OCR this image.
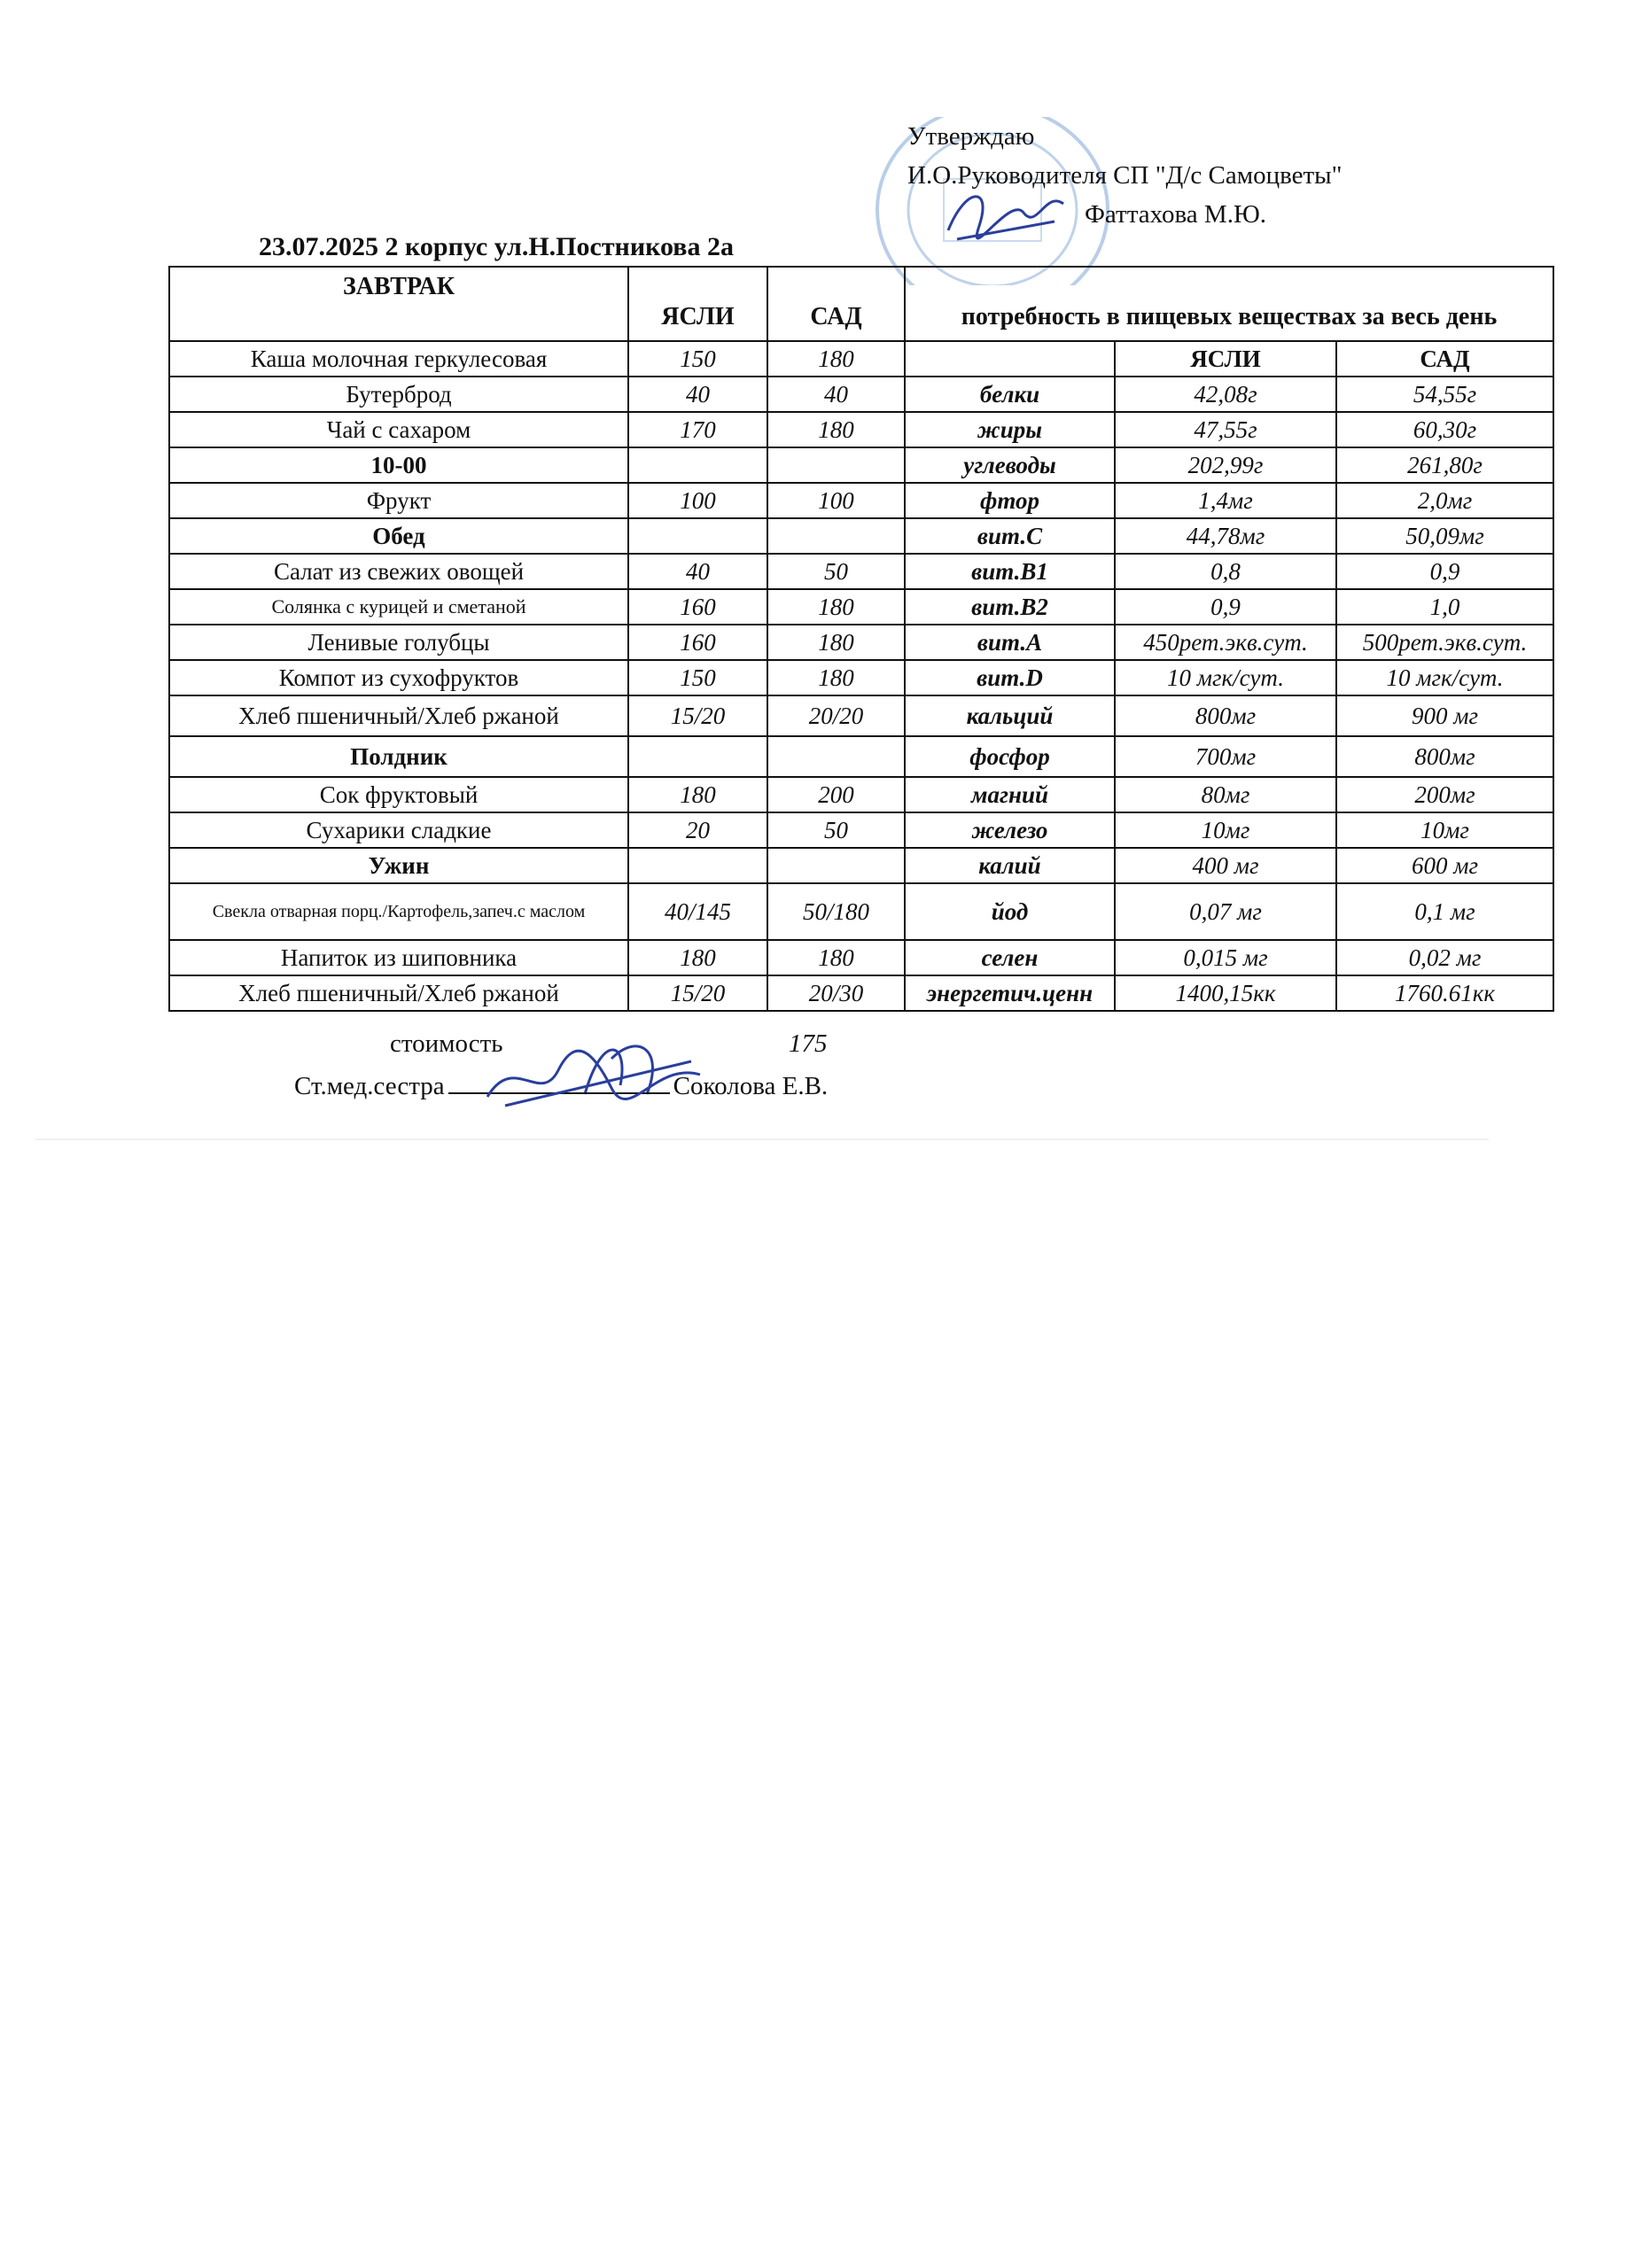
Утверждаю
И.О.Руководителя СП "Д/с Самоцветы"
Фаттахова М.Ю.
23.07.2025 2 корпус ул.Н.Постникова 2а
ЗАВТРАК	ЯСЛИ	САД	потребность в пищевых веществах за весь день		
Каша молочная геркулесовая	150	180		ЯСЛИ	САД
Бутерброд	40	40	белки	42,08г	54,55г
Чай с сахаром	170	180	жиры	47,55г	60,30г
10-00			углеводы	202,99г	261,80г
Фрукт	100	100	фтор	1,4мг	2,0мг
Обед			вит.С	44,78мг	50,09мг
Салат из свежих овощей	40	50	вит.В1	0,8	0,9
Солянка с курицей и сметаной	160	180	вит.В2	0,9	1,0
Ленивые голубцы	160	180	вит.А	450рет.экв.сут.	500рет.экв.сут.
Компот из сухофруктов	150	180	вит.D	10 мгк/сут.	10 мгк/сут.
Хлеб пшеничный/Хлеб ржаной	15/20	20/20	кальций	800мг	900 мг
Полдник			фосфор	700мг	800мг
Сок фруктовый	180	200	магний	80мг	200мг
Сухарики сладкие	20	50	железо	10мг	10мг
Ужин			калий	400 мг	600 мг
Свекла отварная порц./Картофель,запеч.с маслом	40/145	50/180	йод	0,07 мг	0,1 мг
Напиток из шиповника	180	180	селен	0,015 мг	0,02 мг
Хлеб пшеничный/Хлеб ржаной	15/20	20/30	энергетич.ценн	1400,15кк	1760.61кк
стоимость	175
Ст.мед.сестра	Соколова Е.В.
